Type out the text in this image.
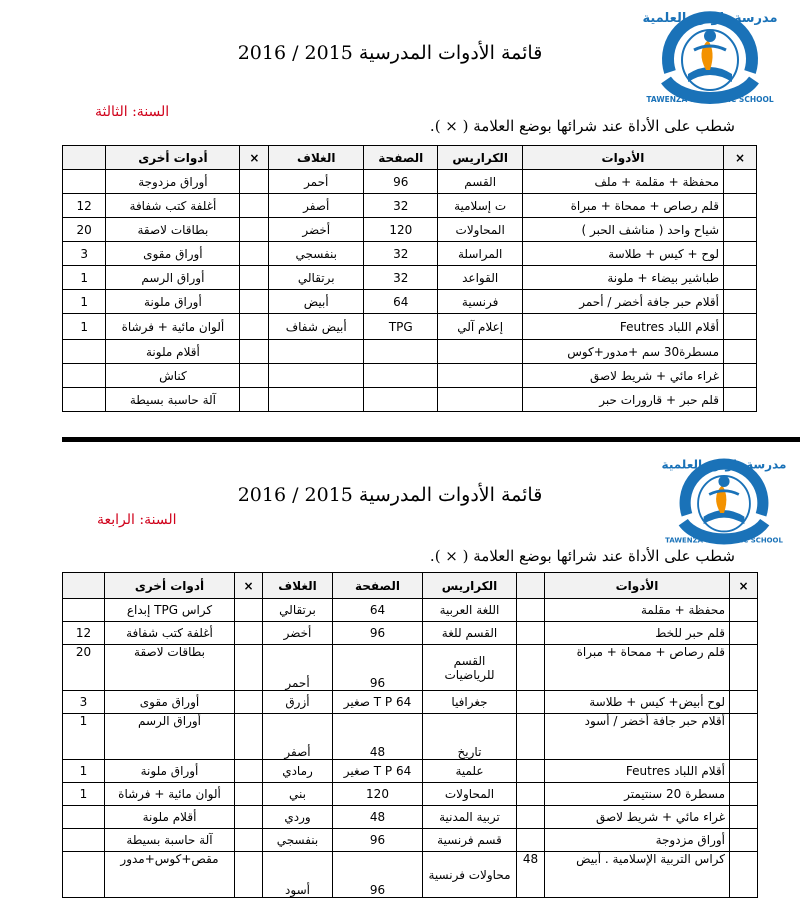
مدرسة تاونزة العلمية
TAWENZA SCIENTIFIC SCHOOL
قائمة الأدوات المدرسية 2015 / 2016
السنة: الثالثة
شطب على الأداة عند شرائها بوضع العلامة ( × ).
×	الأدوات	الكراريس	الصفحة	الغلاف	×	أدوات أخرى	
	محفظة + مقلمة + ملف	القسم	96	أحمر		أوراق مزدوجة	
	قلم رصاص + ممحاة + مبراة	ت إسلامية	32	أصفر		أغلفة كتب شفافة	12
	شياح واحد ( مناشف الحبر )	المحاولات	120	أخضر		بطاقات لاصقة	20
	لوح + كيس + طلاسة	المراسلة	32	بنفسجي		أوراق مقوى	3
	طباشير بيضاء + ملونة	القواعد	32	برتقالي		أوراق الرسم	1
	أقلام حبر جافة أخضر / أحمر	فرنسية	64	أبيض		أوراق ملونة	1
	أقلام اللباد Feutres	إعلام آلي	TPG	أبيض شفاف		ألوان مائية + فرشاة	1
	مسطرة30 سم +مدور+كوس					أقلام ملونة	
	غراء مائي + شريط لاصق					كناش	
	قلم حبر + قارورات حبر					آلة حاسبة بسيطة	
مدرسة تاونزة العلمية
TAWENZA SCIENTIFIC SCHOOL
قائمة الأدوات المدرسية 2015 / 2016
السنة: الرابعة
شطب على الأداة عند شرائها بوضع العلامة ( × ).
×	الأدوات		الكراريس	الصفحة	الغلاف	×	أدوات أخرى	
	محفظة + مقلمة		اللغة العربية	64	برتقالي		كراس TPG إبداع	
	قلم حبر للخط		القسم للغة	96	أخضر		أغلفة كتب شفافة	12
	قلم رصاص + ممحاة + مبراة		القسم للرياضيات	96	أحمر		بطاقات لاصقة	20
	لوح أبيض+ كيس + طلاسة		جغرافيا	T P 64 صغير	أزرق		أوراق مقوى	3
	أقلام حبر جافة أخضر / أسود		تاريخ	48	أصفر		أوراق الرسم	1
	أقلام اللباد Feutres		علمية	T P 64 صغير	رمادي		أوراق ملونة	1
	مسطرة 20 سنتيمتر		المحاولات	120	بني		ألوان مائية + فرشاة	1
	غراء مائي + شريط لاصق		تربية المدنية	48	وردي		أقلام ملونة	
	أوراق مزدوجة		قسم فرنسية	96	بنفسجي		آلة حاسبة بسيطة	
	كراس التربية الإسلامية . أبيض	48	محاولات فرنسية	96	أسود		مقص+كوس+مدور	
